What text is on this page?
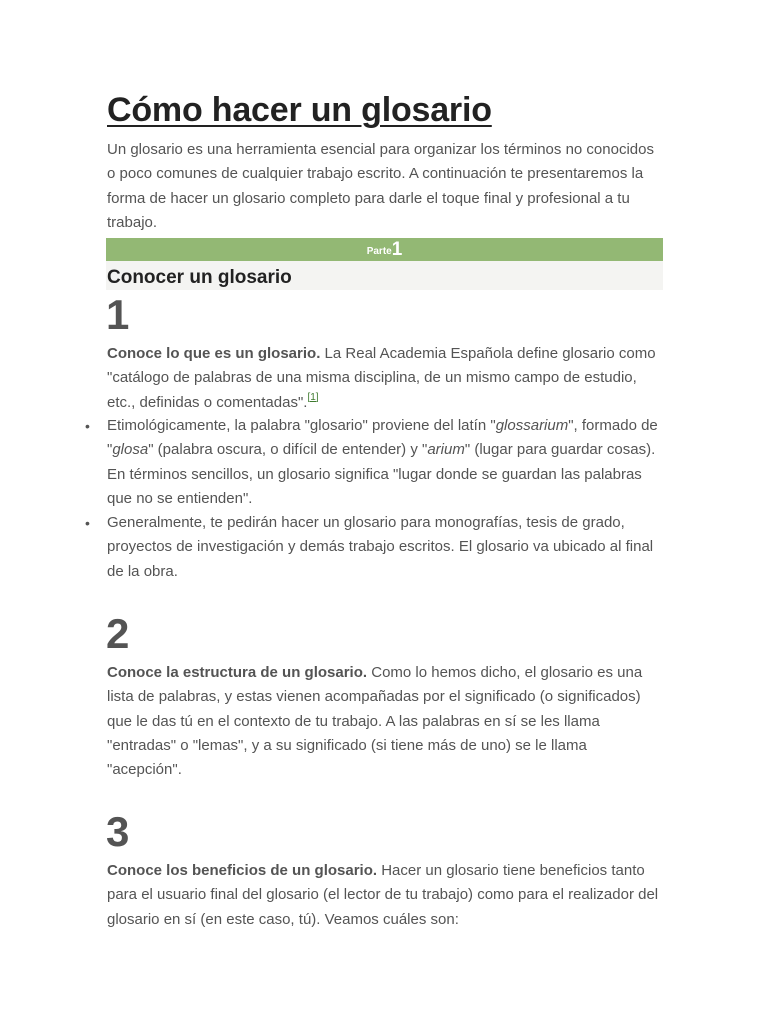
Cómo hacer un glosario

Un glosario es una herramienta esencial para organizar los términos no conocidos o poco comunes de cualquier trabajo escrito. A continuación te presentaremos la forma de hacer un glosario completo para darle el toque final y profesional a tu trabajo.

Parte1
Conocer un glosario
1

Conoce lo que es un glosario. La Real Academia Española define glosario como "catálogo de palabras de una misma disciplina, de un mismo campo de estudio, etc., definidas o comentadas".[1]

• Etimológicamente, la palabra "glosario" proviene del latín "glossarium", formado de "glosa" (palabra oscura, o difícil de entender) y "arium" (lugar para guardar cosas). En términos sencillos, un glosario significa "lugar donde se guardan las palabras que no se entienden".
• Generalmente, te pedirán hacer un glosario para monografías, tesis de grado, proyectos de investigación y demás trabajo escritos. El glosario va ubicado al final de la obra.
2

Conoce la estructura de un glosario. Como lo hemos dicho, el glosario es una lista de palabras, y estas vienen acompañadas por el significado (o significados) que le das tú en el contexto de tu trabajo. A las palabras en sí se les llama "entradas" o "lemas", y a su significado (si tiene más de uno) se le llama "acepción".

3

Conoce los beneficios de un glosario. Hacer un glosario tiene beneficios tanto para el usuario final del glosario (el lector de tu trabajo) como para el realizador del glosario en sí (en este caso, tú). Veamos cuáles son:
